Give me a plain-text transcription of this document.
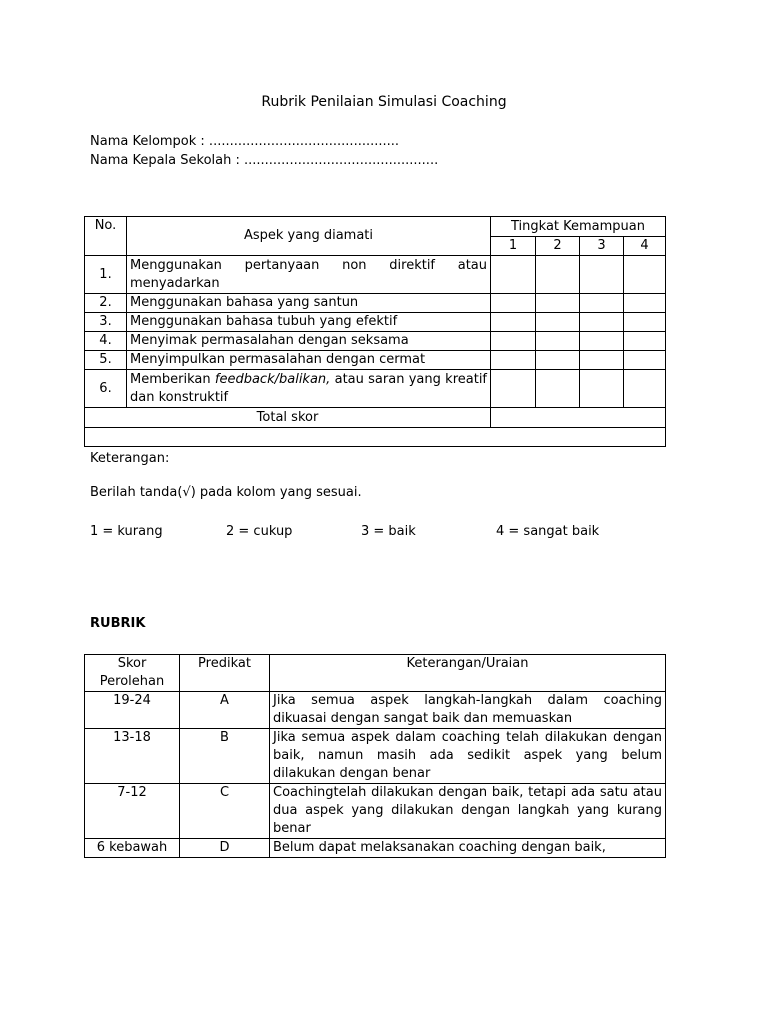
Rubrik Penilaian Simulasi Coaching
Nama Kelompok : ..............................................
Nama Kepala Sekolah : ...............................................
No.	Aspek yang diamati	Tingkat Kemampuan			
		1	2	3	4
1.	Menggunakan pertanyaan non direktif atau menyadarkan				
2.	Menggunakan bahasa yang santun				
3.	Menggunakan bahasa tubuh yang efektif				
4.	Menyimak permasalahan dengan seksama				
5.	Menyimpulkan permasalahan dengan cermat				
6.	Memberikan feedback/balikan, atau saran yang kreatif dan konstruktif				
Total skor					

Keterangan:
Berilah tanda(√) pada kolom yang sesuai.
1 = kurang	2 = cukup	3 = baik	4 = sangat baik
RUBRIK
Skor Perolehan	Predikat	Keterangan/Uraian
19-24	A	Jika semua aspek langkah-langkah dalam coaching dikuasai dengan sangat baik dan memuaskan
13-18	B	Jika semua aspek dalam coaching telah dilakukan dengan baik, namun masih ada sedikit aspek yang belum dilakukan dengan benar
7-12	C	Coachingtelah dilakukan dengan baik, tetapi ada satu atau dua aspek yang dilakukan dengan langkah yang kurang benar
6 kebawah	D	Belum dapat melaksanakan coaching dengan baik,
